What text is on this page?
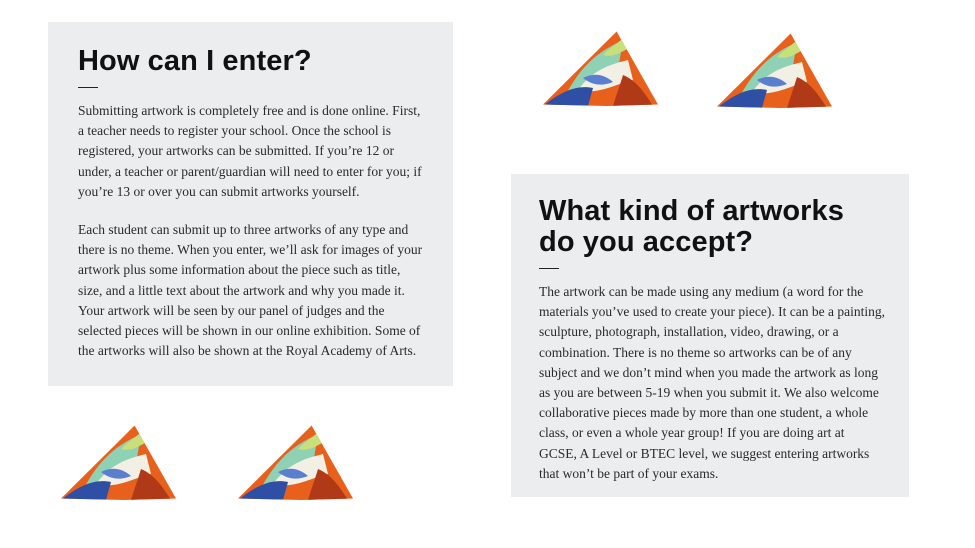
How can I enter?

Submitting artwork is completely free and is done online. First, a teacher needs to register your school. Once the school is registered, your artworks can be submitted. If you’re 12 or under, a teacher or parent/guardian will need to enter for you; if you’re 13 or over you can submit artworks yourself.

Each student can submit up to three artworks of any type and there is no theme. When you enter, we’ll ask for images of your artwork plus some information about the piece such as title, size, and a little text about the artwork and why you made it. Your artwork will be seen by our panel of judges and the selected pieces will be shown in our online exhibition. Some of the artworks will also be shown at the Royal Academy of Arts.

What kind of artworks do you accept?

The artwork can be made using any medium (a word for the materials you’ve used to create your piece). It can be a painting, sculpture, photograph, installation, video, drawing, or a combination. There is no theme so artworks can be of any subject and we don’t mind when you made the artwork as long as you are between 5-19 when you submit it. We also welcome collaborative pieces made by more than one student, a whole class, or even a whole year group! If you are doing art at GCSE, A Level or BTEC level, we suggest entering artworks that won’t be part of your exams.
